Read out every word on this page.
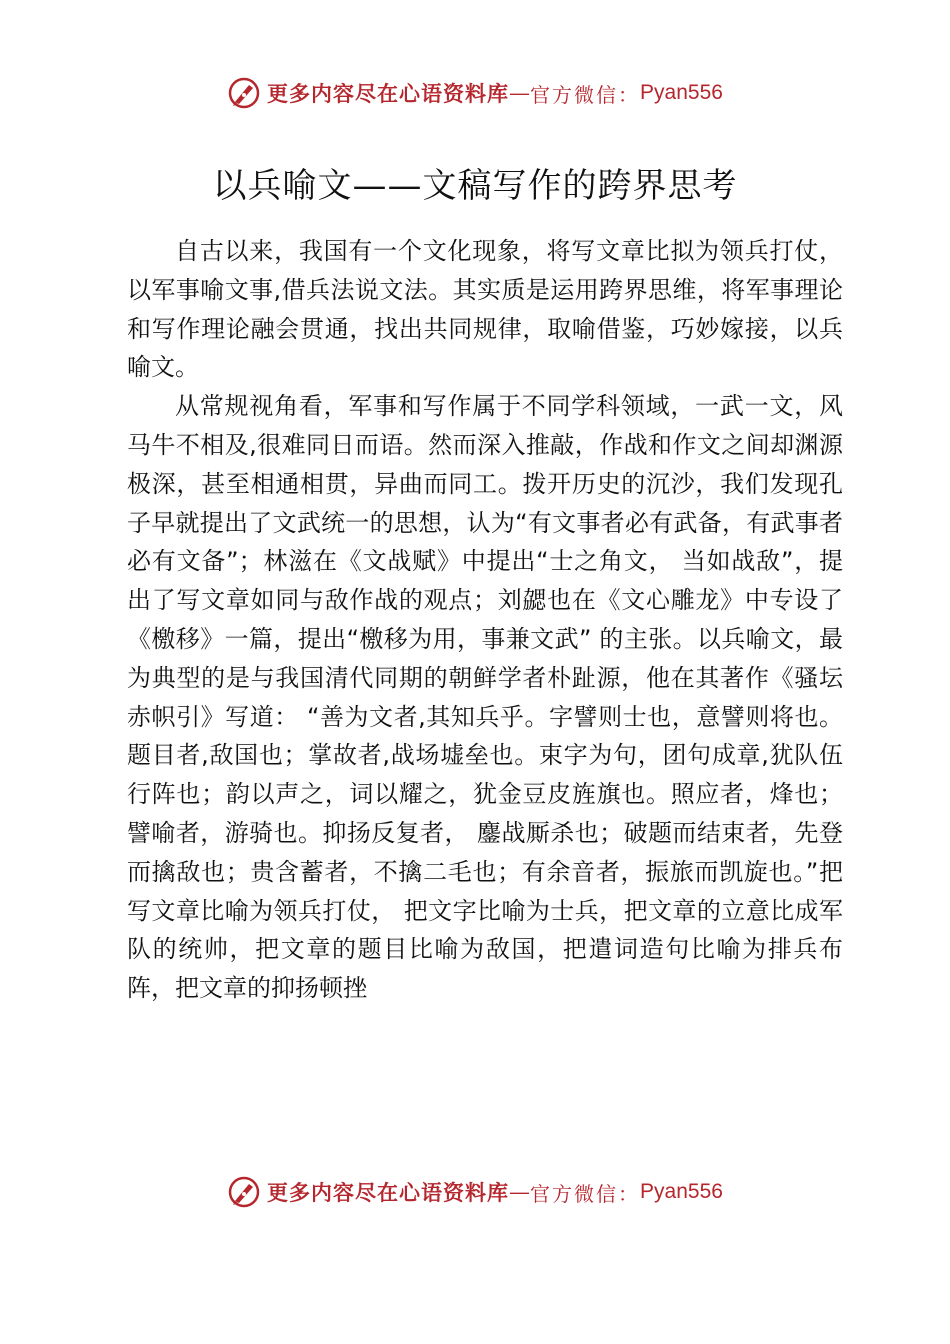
更多内容尽在心语资料库 — 官方微信： Pyan556
以兵喻文——文稿写作的跨界思考

自古以来，我国有一个文化现象，将写文章比拟为领兵打仗，以军事喻文事,借兵法说文法。其实质是运用跨界思维，将军事理论和写作理论融会贯通，找出共同规律，取喻借鉴，巧妙嫁接，以兵喻文。

从常规视角看，军事和写作属于不同学科领域，一武一文，风马牛不相及,很难同日而语。然而深入推敲，作战和作文之间却渊源极深，甚至相通相贯，异曲而同工。拨开历史的沉沙，我们发现孔子早就提出了文武统一的思想，认为“有文事者必有武备，有武事者必有文备”；林滋在《文战赋》中提出“士之角文， 当如战敌”，提出了写文章如同与敌作战的观点；刘勰也在《文心雕龙》中专设了《檄移》一篇，提出“檄移为用，事兼文武” 的主张。以兵喻文，最为典型的是与我国清代同期的朝鲜学者朴趾源，他在其著作《骚坛赤帜引》写道： “善为文者,其知兵乎。字譬则士也，意譬则将也。题目者,敌国也；掌故者,战场墟垒也。束字为句，团句成章,犹队伍行阵也；韵以声之，词以耀之，犹金豆皮旌旗也。照应者，烽也；譬喻者，游骑也。抑扬反复者， 鏖战厮杀也；破题而结束者，先登而擒敌也；贵含蓄者，不擒二毛也；有余音者，振旅而凯旋也。”把写文章比喻为领兵打仗， 把文字比喻为士兵，把文章的立意比成军队的统帅，把文章的题目比喻为敌国，把遣词造句比喻为排兵布阵，把文章的抑扬顿挫

更多内容尽在心语资料库 — 官方微信： Pyan556
